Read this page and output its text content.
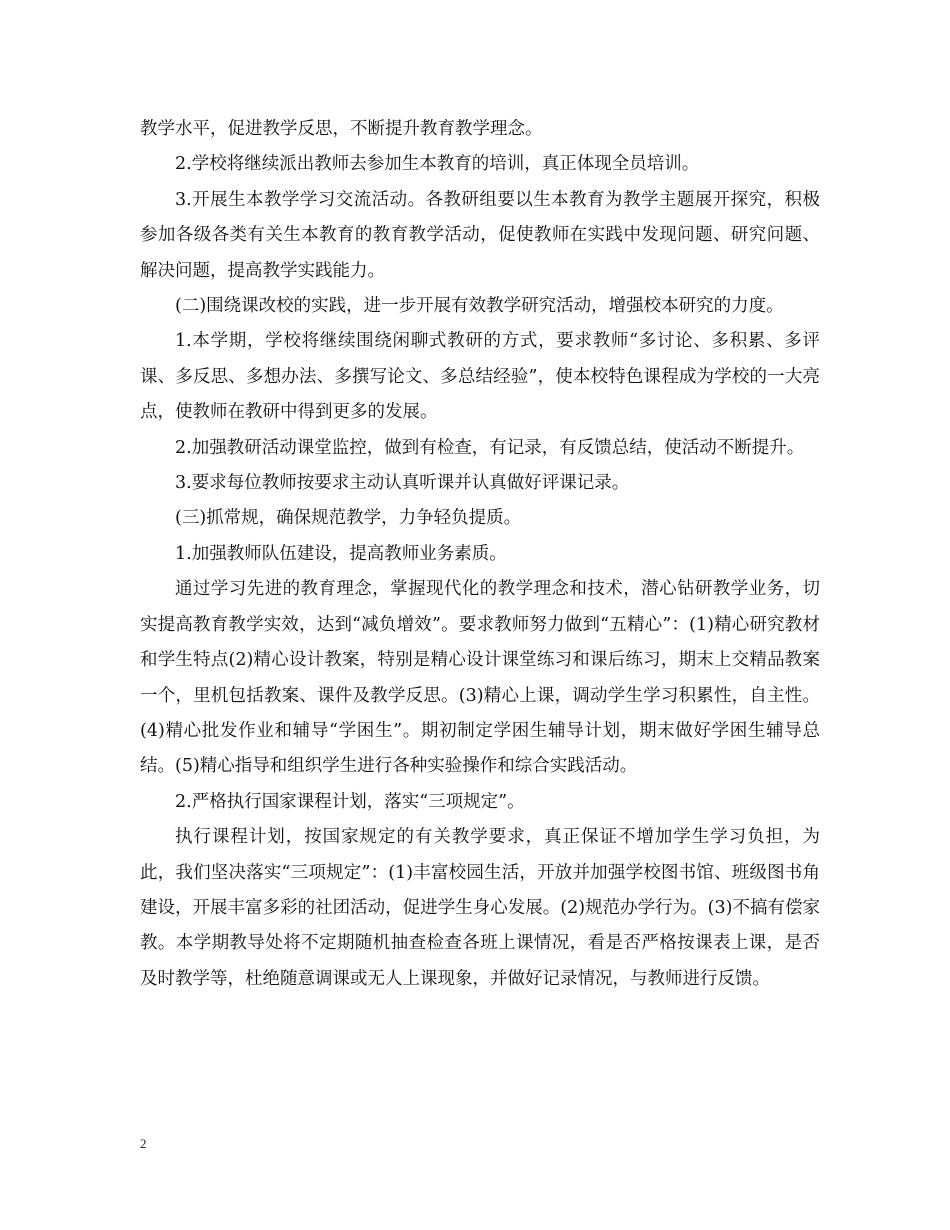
教学水平，促进教学反思，不断提升教育教学理念。

2.学校将继续派出教师去参加生本教育的培训，真正体现全员培训。

3.开展生本教学学习交流活动。各教研组要以生本教育为教学主题展开探究，积极参加各级各类有关生本教育的教育教学活动，促使教师在实践中发现问题、研究问题、解决问题，提高教学实践能力。

(二)围绕课改校的实践，进一步开展有效教学研究活动，增强校本研究的力度。

1.本学期，学校将继续围绕闲聊式教研的方式，要求教师“多讨论、多积累、多评课、多反思、多想办法、多撰写论文、多总结经验”，使本校特色课程成为学校的一大亮点，使教师在教研中得到更多的发展。

2.加强教研活动课堂监控，做到有检查，有记录，有反馈总结，使活动不断提升。

3.要求每位教师按要求主动认真听课并认真做好评课记录。

(三)抓常规，确保规范教学，力争轻负提质。

1.加强教师队伍建设，提高教师业务素质。

通过学习先进的教育理念，掌握现代化的教学理念和技术，潜心钻研教学业务，切实提高教育教学实效，达到“减负增效”。要求教师努力做到“五精心”：(1)精心研究教材和学生特点(2)精心设计教案，特别是精心设计课堂练习和课后练习，期末上交精品教案一个，里机包括教案、课件及教学反思。(3)精心上课，调动学生学习积累性，自主性。(4)精心批发作业和辅导“学困生”。期初制定学困生辅导计划，期末做好学困生辅导总结。(5)精心指导和组织学生进行各种实验操作和综合实践活动。

2.严格执行国家课程计划，落实“三项规定”。

执行课程计划，按国家规定的有关教学要求，真正保证不增加学生学习负担，为此，我们坚决落实“三项规定”：(1)丰富校园生活，开放并加强学校图书馆、班级图书角建设，开展丰富多彩的社团活动，促进学生身心发展。(2)规范办学行为。(3)不搞有偿家教。本学期教导处将不定期随机抽查检查各班上课情况，看是否严格按课表上课，是否及时教学等，杜绝随意调课或无人上课现象，并做好记录情况，与教师进行反馈。

2
